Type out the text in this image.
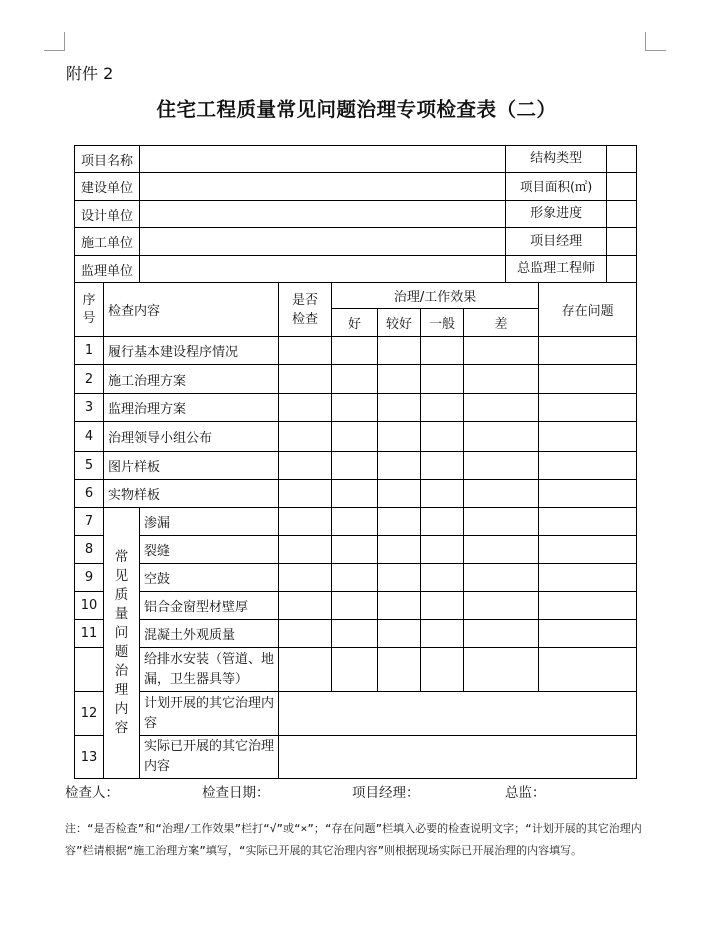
附件 2
住宅工程质量常见问题治理专项检查表（二）
项目名称								结构类型	

建设单位								项目面积(㎡)	

设计单位								形象进度	

施工单位								项目经理	

监理单位								总监理工程师	

序号	检查内容		是否检查	治理/工作效果					存在问题
				好	较好	一般	差		
1	履行基本建设程序情况								
2	施工治理方案								
3	监理治理方案								
4	治理领导小组公布								
5	图片样板								
6	实物样板								
7	常见质量问题治理内容	渗漏							
8		裂缝							
9		空鼓							
10		铝合金窗型材壁厚							
11		混凝土外观质量							
		给排水安装（管道、地漏，卫生器具等）							
12		计划开展的其它治理内容							
13		实际已开展的其它治理内容							
检查人：	检查日期：	项目经理：	总监：
注：“是否检查”和“治理/工作效果”栏打“√”或“×”；“存在问题”栏填入必要的检查说明文字；“计划开展的其它治理内容”栏请根据“施工治理方案”填写，“实际已开展的其它治理内容”则根据现场实际已开展治理的内容填写。
